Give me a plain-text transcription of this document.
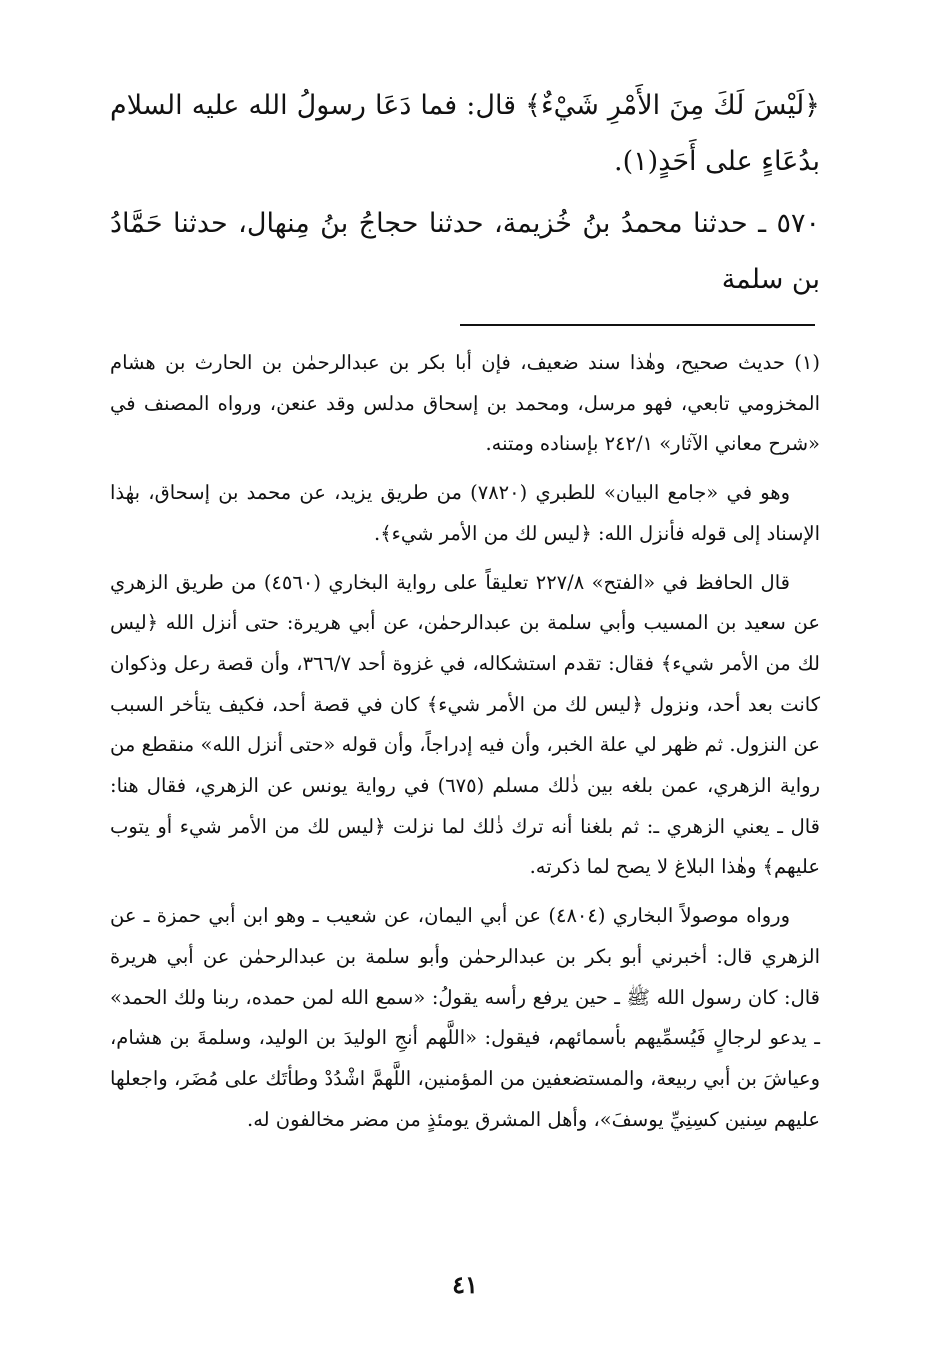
﴿لَيْسَ لَكَ مِنَ الأَمْرِ شَيْءٌ﴾ قال: فما دَعَا رسولُ الله عليه السلام بدُعَاءٍ على أَحَدٍ(١).
٥٧٠ ـ حدثنا محمدُ بنُ خُزيمة، حدثنا حجاجُ بنُ مِنهال، حدثنا حَمَّادُ بن سلمة

(١) حديث صحيح، وهٰذا سند ضعيف، فإن أبا بكر بن عبدالرحمٰن بن الحارث بن هشام المخزومي تابعي، فهو مرسل، ومحمد بن إسحاق مدلس وقد عنعن، ورواه المصنف في «شرح معاني الآثار» ٢٤٢/١ بإسناده ومتنه.

وهو في «جامع البيان» للطبري (٧٨٢٠) من طريق يزيد، عن محمد بن إسحاق، بهٰذا الإسناد إلى قوله فأنزل الله: ﴿ليس لك من الأمر شيء﴾.

قال الحافظ في «الفتح» ٢٢٧/٨ تعليقاً على رواية البخاري (٤٥٦٠) من طريق الزهري عن سعيد بن المسيب وأبي سلمة بن عبدالرحمٰن، عن أبي هريرة: حتى أنزل الله ﴿ليس لك من الأمر شيء﴾ فقال: تقدم استشكاله، في غزوة أحد ٣٦٦/٧، وأن قصة رعل وذكوان كانت بعد أحد، ونزول ﴿ليس لك من الأمر شيء﴾ كان في قصة أحد، فكيف يتأخر السبب عن النزول. ثم ظهر لي علة الخبر، وأن فيه إدراجاً، وأن قوله «حتى أنزل الله» منقطع من رواية الزهري، عمن بلغه بين ذٰلك مسلم (٦٧٥) في رواية يونس عن الزهري، فقال هنا: قال ـ يعني الزهري ـ: ثم بلغنا أنه ترك ذٰلك لما نزلت ﴿ليس لك من الأمر شيء أو يتوب عليهم﴾ وهٰذا البلاغ لا يصح لما ذكرته.

ورواه موصولاً البخاري (٤٨٠٤) عن أبي اليمان، عن شعيب ـ وهو ابن أبي حمزة ـ عن الزهري قال: أخبرني أبو بكر بن عبدالرحمٰن وأبو سلمة بن عبدالرحمٰن عن أبي هريرة قال: كان رسول الله ﷺ ـ حين يرفع رأسه يقولُ: «سمع الله لمن حمده، ربنا ولك الحمد» ـ يدعو لرجالٍ فَيُسمِّيهم بأسمائهم، فيقول: «اللَّهم أنجِ الوليدَ بن الوليد، وسلمةَ بن هشام، وعياشَ بن أبي ربيعة، والمستضعفين من المؤمنين، اللَّهمَّ اشْدُدْ وطأتَك على مُضَر، واجعلها عليهم سِنين كسِنِيِّ يوسفَ»، وأهل المشرق يومئذٍ من مضر مخالفون له.

٤١
